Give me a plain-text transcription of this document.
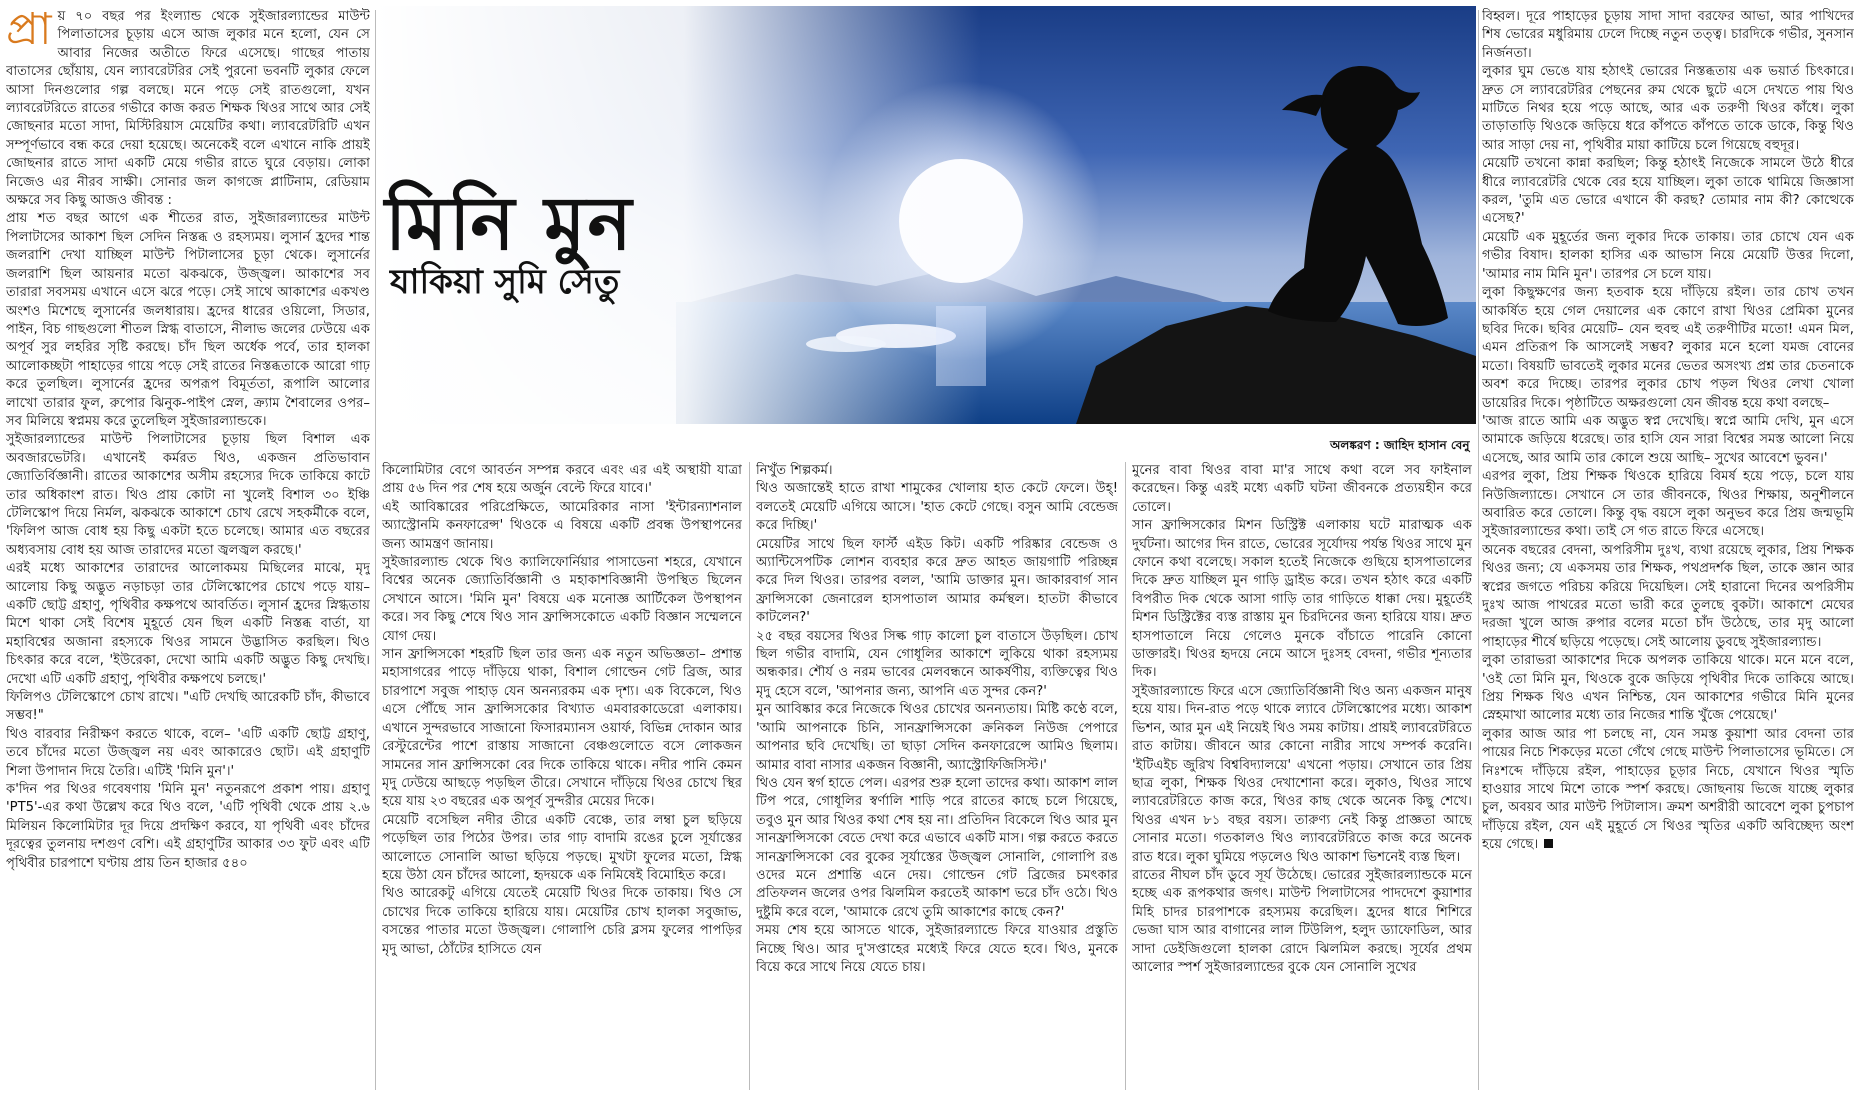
মিনি মুন
যাকিয়া সুমি সেতু
অলঙ্করণ : জাহিদ হাসান বেনু
প্রা য় ৭০ বছর পর ইংল্যান্ড থেকে সুইজারল্যান্ডের মাউন্ট পিলাতাসের চূড়ায় এসে আজ লুকার মনে হলো, যেন সে আবার নিজের অতীতে ফিরে এসেছে। গাছের পাতায় বাতাসের ছোঁয়ায়, যেন ল্যাবরেটরির সেই পুরনো ভবনটি লুকার ফেলে আসা দিনগুলোর গল্প বলছে। মনে পড়ে সেই রাতগুলো, যখন ল্যাবরেটরিতে রাতের গভীরে কাজ করত শিক্ষক থিওর সাথে আর সেই জোছনার মতো সাদা, মিস্টিরিয়াস মেয়েটির কথা। ল্যাবরেটরিটি এখন সম্পূর্ণভাবে বন্ধ করে দেয়া হয়েছে। অনেকেই বলে এখানে নাকি প্রায়ই জোছনার রাতে সাদা একটি মেয়ে গভীর রাতে ঘুরে বেড়ায়। লোকা নিজেও এর নীরব সাক্ষী। সোনার জল কাগজে প্লাটিনাম, রেডিয়াম অক্ষরে সব কিছু আজও জীবন্ত :

প্রায় শত বছর আগে এক শীতের রাত, সুইজারল্যান্ডের মাউন্ট পিলাটাসের আকাশ ছিল সেদিন নিস্তব্ধ ও রহস্যময়। লুসার্ন হ্রদের শান্ত জলরাশি দেখা যাচ্ছিল মাউন্ট পিটালাসের চূড়া থেকে। লুসার্নের জলরাশি ছিল আয়নার মতো ঝকঝকে, উজ্জ্বল। আকাশের সব তারারা সবসময় এখানে এসে ঝরে পড়ে। সেই সাথে আকাশের একখণ্ড অংশও মিশেছে লুসার্নের জলধারায়। হ্রদের ধারের ওয়িলো, সিডার, পাইন, বিচ গাছগুলো শীতল স্নিগ্ধ বাতাসে, নীলাভ জলের ঢেউয়ে এক অপূর্ব সুর লহরির সৃষ্টি করছে। চাঁদ ছিল অর্ধেক পর্বে, তার হালকা আলোকচ্ছটা পাহাড়ের গায়ে পড়ে সেই রাতের নিস্তব্ধতাকে আরো গাঢ় করে তুলছিল। লুসার্নের হ্রদের অপরূপ বিমূর্ততা, রূপালি আলোর লাখো তারার ফুল, রুপোর ঝিনুক-পাইপ স্নেল, ক্র্যাম শৈবালের ওপর– সব মিলিয়ে স্বপ্নময় করে তুলেছিল সুইজারল্যান্ডকে।

সুইজারল্যান্ডের মাউন্ট পিলাটাসের চূড়ায় ছিল বিশাল এক অবজারভেটরি। এখানেই কর্মরত থিও, একজন প্রতিভাবান জ্যোতির্বিজ্ঞানী। রাতের আকাশের অসীম রহস্যের দিকে তাকিয়ে কাটে তার অধিকাংশ রাত। থিও প্রায় কোটা না খুলেই বিশাল ৩০ ইঞ্চি টেলিস্কোপ দিয়ে নির্মল, ঝকঝকে আকাশে চোখ রেখে সহকর্মীকে বলে, 'ফিলিপ আজ বোধ হয় কিছু একটা হতে চলেছে। আমার এত বছরের অধ্যবসায় বোধ হয় আজ তারাদের মতো জ্বলজ্বল করছে।'

এরই মধ্যে আকাশের তারাদের আলোকময় মিছিলের মাঝে, মৃদু আলোয় কিছু অদ্ভুত নড়াচড়া তার টেলিস্কোপের চোখে পড়ে যায়– একটি ছোট্ট গ্রহাণু, পৃথিবীর কক্ষপথে আবর্তিত। লুসার্ন হ্রদের স্নিগ্ধতায় মিশে থাকা সেই বিশেষ মুহূর্তে যেন ছিল একটি নিস্তব্ধ বার্তা, যা মহাবিশ্বের অজানা রহস্যকে থিওর সামনে উদ্ভাসিত করছিল। থিও চিৎকার করে বলে, 'ইউরেকা, দেখো আমি একটি অদ্ভুত কিছু দেখছি। দেখো এটি একটি গ্রহাণু, পৃথিবীর কক্ষপথে চলছে।'

ফিলিপও টেলিস্কোপে চোখ রাখে। "এটি দেখছি আরেকটি চাঁদ, কীভাবে সম্ভব!"

থিও বারবার নিরীক্ষণ করতে থাকে, বলে– 'এটি একটি ছোট্ট গ্রহাণু, তবে চাঁদের মতো উজ্জ্বল নয় এবং আকারেও ছোট। এই গ্রহাণুটি শিলা উপাদান দিয়ে তৈরি। এটিই 'মিনি মুন'।'

ক'দিন পর থিওর গবেষণায় 'মিনি মুন' নতুনরূপে প্রকাশ পায়। গ্রহাণু 'PT5'-এর কথা উল্লেখ করে থিও বলে, 'এটি পৃথিবী থেকে প্রায় ২.৬ মিলিয়ন কিলোমিটার দূর দিয়ে প্রদক্ষিণ করবে, যা পৃথিবী এবং চাঁদের দূরত্বের তুলনায় দশগুণ বেশি। এই গ্রহাণুটির আকার ৩৩ ফুট এবং এটি পৃথিবীর চারপাশে ঘণ্টায় প্রায় তিন হাজার ৫৪০

কিলোমিটার বেগে আবর্তন সম্পন্ন করবে এবং এর এই অস্থায়ী যাত্রা প্রায় ৫৬ দিন পর শেষ হয়ে অর্জুন বেল্টে ফিরে যাবে।'

এই আবিষ্কারের পরিপ্রেক্ষিতে, আমেরিকার নাসা 'ইন্টারন্যাশনাল অ্যাস্ট্রোনমি কনফারেন্স' থিওকে এ বিষয়ে একটি প্রবন্ধ উপস্থাপনের জন্য আমন্ত্রণ জানায়।

সুইজারল্যান্ড থেকে থিও ক্যালিফোর্নিয়ার পাসাডেনা শহরে, যেখানে বিশ্বের অনেক জ্যোতির্বিজ্ঞানী ও মহাকাশবিজ্ঞানী উপস্থিত ছিলেন সেখানে আসে। 'মিনি মুন' বিষয়ে এক মনোজ্ঞ আর্টিকেল উপস্থাপন করে। সব কিছু শেষে থিও সান ফ্রান্সিসকোতে একটি বিজ্ঞান সম্মেলনে যোগ দেয়।

সান ফ্রান্সিসকো শহরটি ছিল তার জন্য এক নতুন অভিজ্ঞতা– প্রশান্ত মহাসাগরের পাড়ে দাঁড়িয়ে থাকা, বিশাল গোল্ডেন গেট ব্রিজ, আর চারপাশে সবুজ পাহাড় যেন অনন্যরকম এক দৃশ্য। এক বিকেলে, থিও এসে পৌঁছে সান ফ্রান্সিসকোর বিখ্যাত এমবারকাডেরো এলাকায়। এখানে সুন্দরভাবে সাজানো ফিসারম্যানস ওয়ার্ফ, বিভিন্ন দোকান আর রেস্টুরেন্টের পাশে রাস্তায় সাজানো বেঞ্চগুলোতে বসে লোকজন সামনের সান ফ্রান্সিসকো বের দিকে তাকিয়ে থাকে। নদীর পানি কেমন মৃদু ঢেউয়ে আছড়ে পড়ছিল তীরে। সেখানে দাঁড়িয়ে থিওর চোখে স্থির হয়ে যায় ২৩ বছরের এক অপূর্ব সুন্দরীর মেয়ের দিকে।

মেয়েটি বসেছিল নদীর তীরে একটি বেঞ্চে, তার লম্বা চুল ছড়িয়ে পড়েছিল তার পিঠের উপর। তার গাঢ় বাদামি রঙের চুলে সূর্যাস্তের আলোতে সোনালি আভা ছড়িয়ে পড়ছে। মুখটা ফুলের মতো, স্নিগ্ধ হয়ে উঠা যেন চাঁদের আলো, হৃদয়কে এক নিমিষেই বিমোহিত করে।

থিও আরেকটু এগিয়ে যেতেই মেয়েটি থিওর দিকে তাকায়। থিও সে চোখের দিকে তাকিয়ে হারিয়ে যায়। মেয়েটির চোখ হালকা সবুজাভ, বসন্তের পাতার মতো উজ্জ্বল। গোলাপি চেরি ব্লসম ফুলের পাপড়ির মৃদু আভা, ঠোঁটের হাসিতে যেন

নিখুঁত শিল্পকর্ম।

থিও অজান্তেই হাতে রাখা শামুকের খোলায় হাত কেটে ফেলে। উহ্! বলতেই মেয়েটি এগিয়ে আসে। 'হাত কেটে গেছে। বসুন আমি বেন্ডেজ করে দিচ্ছি।'

মেয়েটির সাথে ছিল ফার্স্ট এইড কিট। একটি পরিষ্কার বেন্ডেজ ও অ্যান্টিসেপটিক লোশন ব্যবহার করে দ্রুত আহত জায়গাটি পরিচ্ছন্ন করে দিল থিওর। তারপর বলল, 'আমি ডাক্তার মুন। জাকারবার্গ সান ফ্রান্সিসকো জেনারেল হাসপাতাল আমার কর্মস্থল। হাতটা কীভাবে কাটলেন?'

২৫ বছর বয়সের থিওর সিল্ক গাঢ় কালো চুল বাতাসে উড়ছিল। চোখ ছিল গভীর বাদামি, যেন গোধূলির আকাশে লুকিয়ে থাকা রহস্যময় অন্ধকার। শৌর্য ও নরম ভাবের মেলবন্ধনে আকর্ষণীয়, ব্যক্তিত্বের থিও মৃদু হেসে বলে, 'আপনার জন্য, আপনি এত সুন্দর কেন?'

মুন আবিষ্কার করে নিজেকে থিওর চোখের অনন্যতায়। মিষ্টি কণ্ঠে বলে, 'আমি আপনাকে চিনি, সানফ্রান্সিসকো ক্রনিকল নিউজ পেপারে আপনার ছবি দেখেছি। তা ছাড়া সেদিন কনফারেন্সে আমিও ছিলাম। আমার বাবা নাসার একজন বিজ্ঞানী, অ্যাস্ট্রোফিজিসিস্ট।'

থিও যেন স্বর্গ হাতে পেল। এরপর শুরু হলো তাদের কথা। আকাশ লাল টিপ পরে, গোধূলির স্বর্ণালি শাড়ি পরে রাতের কাছে চলে গিয়েছে, তবুও মুন আর থিওর কথা শেষ হয় না। প্রতিদিন বিকেলে থিও আর মুন সানফ্রান্সিসকো বেতে দেখা করে এভাবে একটি মাস। গল্প করতে করতে সানফ্রান্সিসকো বের বুকের সূর্যাস্তের উজ্জ্বল সোনালি, গোলাপি রঙ ওদের মনে প্রশান্তি এনে দেয়। গোল্ডেন গেট ব্রিজের চমৎকার প্রতিফলন জলের ওপর ঝিলমিল করতেই আকাশ ভরে চাঁদ ওঠে। থিও দুষ্টুমি করে বলে, 'আমাকে রেখে তুমি আকাশের কাছে কেন?'

সময় শেষ হয়ে আসতে থাকে, সুইজারল্যান্ডে ফিরে যাওয়ার প্রস্তুতি নিচ্ছে থিও। আর দু'সপ্তাহের মধ্যেই ফিরে যেতে হবে। থিও, মুনকে বিয়ে করে সাথে নিয়ে যেতে চায়।

মুনের বাবা থিওর বাবা মা'র সাথে কথা বলে সব ফাইনাল করেছেন। কিন্তু এরই মধ্যে একটি ঘটনা জীবনকে প্রত্যয়হীন করে তোলে।

সান ফ্রান্সিসকোর মিশন ডিস্ট্রিক্ট এলাকায় ঘটে মারাত্মক এক দুর্ঘটনা। আগের দিন রাতে, ভোরের সূর্যোদয় পর্যন্ত থিওর সাথে মুন ফোনে কথা বলেছে। সকাল হতেই নিজেকে গুছিয়ে হাসপাতালের দিকে দ্রুত যাচ্ছিল মুন গাড়ি ড্রাইভ করে। তখন হঠাৎ করে একটি বিপরীত দিক থেকে আসা গাড়ি তার গাড়িতে ধাক্কা দেয়। মুহূর্তেই মিশন ডিস্ট্রিক্টের ব্যস্ত রাস্তায় মুন চিরদিনের জন্য হারিয়ে যায়। দ্রুত হাসপাতালে নিয়ে গেলেও মুনকে বাঁচাতে পারেনি কোনো ডাক্তারই। থিওর হৃদয়ে নেমে আসে দুঃসহ বেদনা, গভীর শূন্যতার দিক।

সুইজারল্যান্ডে ফিরে এসে জ্যোতির্বিজ্ঞানী থিও অন্য একজন মানুষ হয়ে যায়। দিন-রাত পড়ে থাকে ল্যাবে টেলিস্কোপের মধ্যে। আকাশ ভিশন, আর মুন এই নিয়েই থিও সময় কাটায়। প্রায়ই ল্যাবরেটরিতে রাত কাটায়। জীবনে আর কোনো নারীর সাথে সম্পর্ক করেনি। 'ইটিএইচ জুরিখ বিশ্ববিদ্যালয়ে' এখনো পড়ায়। সেখানে তার প্রিয় ছাত্র লুকা, শিক্ষক থিওর দেখাশোনা করে। লুকাও, থিওর সাথে ল্যাবরেটরিতে কাজ করে, থিওর কাছ থেকে অনেক কিছু শেখে। থিওর এখন ৮১ বছর বয়স। তারুণ্য নেই কিন্তু প্রাজ্ঞতা আছে সোনার মতো। গতকালও থিও ল্যাবরেটরিতে কাজ করে অনেক রাত ধরে। লুকা ঘুমিয়ে পড়লেও থিও আকাশ ভিশনেই ব্যস্ত ছিল।

রাতের নীঘল চাঁদ ডুবে সূর্য উঠেছে। ভোরের সুইজারল্যান্ডকে মনে হচ্ছে এক রূপকথার জগৎ। মাউন্ট পিলাটাসের পাদদেশে কুয়াশার মিহি চাদর চারপাশকে রহস্যময় করেছিল। হ্রদের ধারে শিশিরে ভেজা ঘাস আর বাগানের লাল টিউলিপ, হলুদ ড্যাফোডিল, আর সাদা ডেইজিগুলো হালকা রোদে ঝিলমিল করছে। সূর্যের প্রথম আলোর স্পর্শ সুইজারল্যান্ডের বুকে যেন সোনালি সুখের

বিহ্বল। দূরে পাহাড়ের চূড়ায় সাদা সাদা বরফের আভা, আর পাখিদের শিষ ভোরের মধুরিমায় ঢেলে দিচ্ছে নতুন তত্ত্ব। চারদিকে গভীর, সুনসান নির্জনতা।

লুকার ঘুম ভেঙে যায় হঠাৎই ভোরের নিস্তব্ধতায় এক ভয়ার্ত চিৎকারে। দ্রুত সে ল্যাবরেটরির পেছনের রুম থেকে ছুটে এসে দেখতে পায় থিও মাটিতে নিথর হয়ে পড়ে আছে, আর এক তরুণী থিওর কাঁধে। লুকা তাড়াতাড়ি থিওকে জড়িয়ে ধরে কাঁপতে কাঁপতে তাকে ডাকে, কিন্তু থিও আর সাড়া দেয় না, পৃথিবীর মায়া কাটিয়ে চলে গিয়েছে বহুদূর।

মেয়েটি তখনো কান্না করছিল; কিন্তু হঠাৎই নিজেকে সামলে উঠে ধীরে ধীরে ল্যাবরেটরি থেকে বের হয়ে যাচ্ছিল। লুকা তাকে থামিয়ে জিজ্ঞাসা করল, 'তুমি এত ভোরে এখানে কী করছ? তোমার নাম কী? কোত্থেকে এসেছ?'

মেয়েটি এক মুহূর্তের জন্য লুকার দিকে তাকায়। তার চোখে যেন এক গভীর বিষাদ। হালকা হাসির এক আভাস নিয়ে মেয়েটি উত্তর দিলো, 'আমার নাম মিনি মুন'। তারপর সে চলে যায়।

লুকা কিছুক্ষণের জন্য হতবাক হয়ে দাঁড়িয়ে রইল। তার চোখ তখন আকর্ষিত হয়ে গেল দেয়ালের এক কোণে রাখা থিওর প্রেমিকা মুনের ছবির দিকে। ছবির মেয়েটি– যেন হুবহু এই তরুণীটির মতো! এমন মিল, এমন প্রতিরূপ কি আসলেই সম্ভব? লুকার মনে হলো যমজ বোনের মতো। বিষয়টি ভাবতেই লুকার মনের ভেতর অসংখ্য প্রশ্ন তার চেতনাকে অবশ করে দিচ্ছে। তারপর লুকার চোখ পড়ল থিওর লেখা খোলা ডায়েরির দিকে। পৃষ্ঠাটিতে অক্ষরগুলো যেন জীবন্ত হয়ে কথা বলছে–

'আজ রাতে আমি এক অদ্ভুত স্বপ্ন দেখেছি। স্বপ্নে আমি দেখি, মুন এসে আমাকে জড়িয়ে ধরেছে। তার হাসি যেন সারা বিশ্বের সমস্ত আলো নিয়ে এসেছে, আর আমি তার কোলে শুয়ে আছি– সুখের আবেশে ভুবন।'

এরপর লুকা, প্রিয় শিক্ষক থিওকে হারিয়ে বিমর্ষ হয়ে পড়ে, চলে যায় নিউজিল্যান্ডে। সেখানে সে তার জীবনকে, থিওর শিক্ষায়, অনুশীলনে অবারিত করে তোলে। কিন্তু বৃদ্ধ বয়সে লুকা অনুভব করে প্রিয় জন্মভূমি সুইজারল্যান্ডের কথা। তাই সে গত রাতে ফিরে এসেছে।

অনেক বছরের বেদনা, অপরিসীম দুঃখ, ব্যথা রয়েছে লুকার, প্রিয় শিক্ষক থিওর জন্য; যে একসময় তার শিক্ষক, পথপ্রদর্শক ছিল, তাকে জ্ঞান আর স্বপ্নের জগতে পরিচয় করিয়ে দিয়েছিল। সেই হারানো দিনের অপরিসীম দুঃখ আজ পাথরের মতো ভারী করে তুলছে বুকটা। আকাশে মেঘের দরজা খুলে আজ রুপার বলের মতো চাঁদ উঠেছে, তার মৃদু আলো পাহাড়ের শীর্ষে ছড়িয়ে পড়েছে। সেই আলোয় ডুবছে সুইজারল্যান্ড।

লুকা তারাভরা আকাশের দিকে অপলক তাকিয়ে থাকে। মনে মনে বলে, 'ওই তো মিনি মুন, থিওকে বুকে জড়িয়ে পৃথিবীর দিকে তাকিয়ে আছে। প্রিয় শিক্ষক থিও এখন নিশ্চিন্ত, যেন আকাশের গভীরে মিনি মুনের স্নেহমাখা আলোর মধ্যে তার নিজের শান্তি খুঁজে পেয়েছে।'

লুকার আজ আর পা চলছে না, যেন সমস্ত কুয়াশা আর বেদনা তার পায়ের নিচে শিকড়ের মতো গেঁথে গেছে মাউন্ট পিলাতাসের ভূমিতে। সে নিঃশব্দে দাঁড়িয়ে রইল, পাহাড়ের চূড়ার নিচে, যেখানে থিওর স্মৃতি হাওয়ার সাথে মিশে তাকে স্পর্শ করছে। জোছনায় ভিজে যাচ্ছে লুকার চুল, অবয়ব আর মাউন্ট পিটালাস। ক্রমশ অশরীরী আবেশে লুকা চুপচাপ দাঁড়িয়ে রইল, যেন এই মুহূর্তে সে থিওর স্মৃতির একটি অবিচ্ছেদ্য অংশ হয়ে গেছে।
